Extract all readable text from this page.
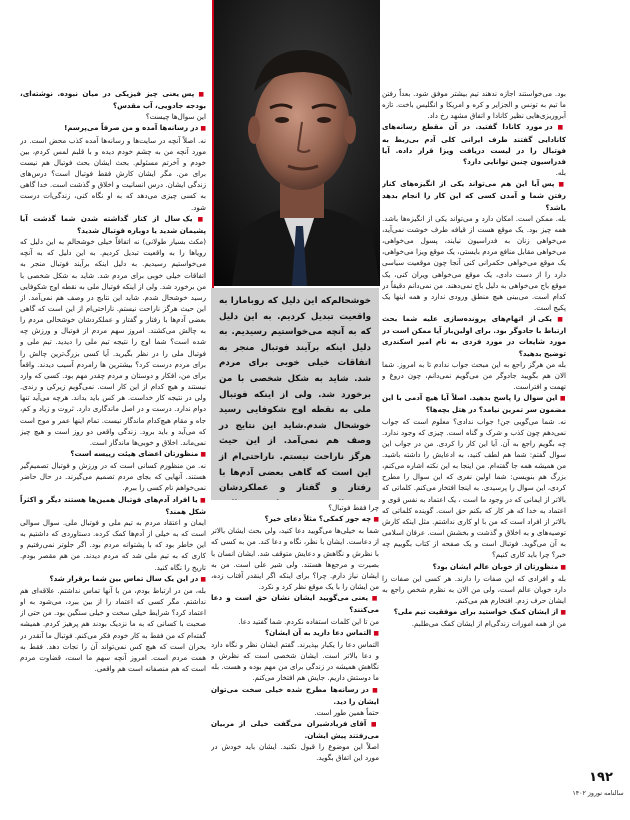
بود. می‌خواستند اجازه ندهند تیم بیشتر موفق شود. بعداً رفتن ما تیم به تونس و الجزایر و کره و امریکا و انگلیس باخت. تازه آبروریزی‌هایی نظیر کانادا و اتفاق مشهد رخ داد.

■ در مورد کانادا گفتید. در آن مقطع رسانه‌های کانادایی گفتند طرف ایرانی کلی آدم بی‌ربط به فوتبال را در لیست دریافت ویزا قرار داده. آیا فدراسیون چنین توانایی دارد؟

بله.

■ پس آیا این هم می‌تواند یکی از انگیزه‌های کنار رفتن شما و آمدن کسی که این کار را انجام بدهد باشد؟

بله. ممکن است. امکان دارد و می‌تواند یکی از انگیزه‌ها باشد. همه چیز بود. یک موقع هست از قیافه طرف خوشت نمی‌آید، می‌خواهی زنان به فدراسیون نیایند، پسول می‌خواهی، می‌خواهی مقابل منافع مردم بایستی، یک موقع ویزا می‌خواهی، یک موقع می‌خواهی حکمرانی کنی آنجا چون موقعیت سیاسی دارد را از دست دادی، یک موقع می‌خواهی ویران کنی، یک موقع باج می‌خواهی به دلیل باج نمی‌دهند. من نمی‌دانم دقیقاً در کدام است. می‌بینی هیچ منطق ورودی ندارد و همه اینها یک پکیج است.

■ یکی از اتهام‌های پرونده‌سازی علیه شما بحث ارتباط با جادوگر بود. برای اولین‌بار آیا ممکن است در مورد شایعات در مورد فردی به نام امیر اسکندری توضیح بدهید؟

بله من هرگز راجع به این مبحث جواب ندادم تا به امروز. شما الان هم بگویید جادوگر من می‌گویم نمی‌دانم، چون دروغ و تهمت و افتراست.

■ این سوال را پاسخ بدهید. اصلاً آیا هیچ آدمی با این مضمون سر تمرین نیامد؟ در هتل بچه‌ها؟

نه. شما می‌گویی جن! جواب ندادی؟ معلوم است که جواب نمی‌دهم چون کذب و شرک و گناه است. چیزی که وجود ندارد. چه بگویم راجع به آن. آیا این کار را کردی. من در جواب این سوال گفتم: شما هم لطف کنید، به ادعایش را داشته باشید. من همیشه همه جا گفته‌ام. من اینجا به این نکته اشاره می‌کنم، بزرگ هم بنویسی: شما اولین نفری که این سوال را مطرح کردی، این سوال را پرسیدی. به اینجا افتخار می‌کنم. کلماتی که بالاتر از ایمانی که در وجود ما است ، یک اعتماد به نفس قوی و اعتماد به خدا که هر کار که بکنم حق است. گوینده کلماتی که بالاتر از افراد است که من با او کاری نداشتم. مثل اینکه کارش توصیه‌های و به اخلاق و گذشت و بخشش است. عرفان اسلامی به آن می‌گوید. فوتبال است و یک صفحه از کتاب بگوییم چه خبر؟ چرا باید کاری کنیم؟

■ منظورتان از خوبان عالم ایشان بود؟

بله و افرادی که این صفات را دارند. هر کسی این صفات را دارد خوبان عالم است، ولی من الان به نظرم شخص راجع به ایشان حرف زدم. افتخارم هم می‌کنم.

■ از ایشان کمک خواستید برای موفقیت تیم ملی؟

من از همه امورات زندگی‌ام از ایشان کمک می‌طلبم.

خوشحالم‌که این دلیل که روبامارا به واقعیت تبدیل کردیم. به این دلیل که به آنچه می‌خواستیم رسیدیم. به دلیل اینکه برآیند فوتبال منجر به اتفاقات خیلی خوبی برای مردم شد. شاید به شکل شخصی با من برخورد شد. ولی از اینکه فوتبال ملی به نقطه اوج شکوفایی رسید خوشحال شدم.شاید این نتایج در وصف هم نمی‌آمد. از این حیث هرگز ناراحت نیستم. ناراحتی‌ام از این است که گاهی بعضی آدم‌ها با رفتار و گفتار و عملکردشان

چرا فقط فوتبال؟

■ چه جور کمکی؟ مثلاً دعای خیر؟

شما به خیلی‌ها می‌گویید دعا کنید، ولی بحث ایشان بالاتر از دعاست. ایشان با نظر، نگاه و دعا کند. من به کسی که با نظرش و نگاهش و دعایش متوقف شد. ایشان انسان با بصیرت و مرجع‌ها هستند. ولی شیر علی است. من به ایشان نیاز دارم. چرا؟ برای اینکه اگر اینقدر آفتاب زده، من ایشان را با یک موقع نظر کرد و نکرد.

■ یعنی می‌گویید ایشان نشان حق است و دعا می‌کنند؟

من تا این کلمات استفاده نکردم. شما گفتید دعا.

■ التماس دعا دارید به آن ایشان؟

التماس دعا را یکبار بپذیرند. گفتم ایشان نظر و نگاه دارد و دعا بالاتر است. ایشان شخصی است که نظرش و نگاهش همیشه در زندگی برای من مهم بوده و هست. بله ما دوستش داریم. جایش هم افتخار می‌کنم.

■ در رسانه‌ها مطرح شده خیلی سخت می‌توان ایشان را دید.

حتماً همین طور است.

■ آقای فریادشیران می‌گفت خیلی از مربیان می‌رفتند پیش ایشان.

اصلاً این موضوع را قبول نکنید. ایشان باید خودش در مورد این اتفاق بگوید.

■ پس یعنی چیز فیزیکی در میان نبوده. نوشته‌ای، بودجه جادویی، آب مقدس؟

این سوال‌ها چیست؟

■ در رسانه‌ها آمده و من صرفاً می‌پرسم!

نه. اصلاً آنچه در سایت‌ها و رسانه‌ها آمده کذب محض است. در مورد آنچه من به چشم خودم دیده و با قلبم لمس کردم، بین خودم و آخرتم مسئولم. بحث ایشان بحث فوتبال هم نیست برای من. مگر ایشان کارش فقط فوتبال است؟ درس‌های زندگی ایشان. درس انسانیت و اخلاق و گذشت است. خدا گاهی به کسی چیزی می‌دهد که به او نگاه کنی، زندگی‌ات درست شود.

■ یک سال از کنار گذاشته شدن شما گذشت آیا پشیمان شدید یا دوباره فوتبال شدید؟

(مکث بسیار طولانی) نه اتفاقاً خیلی خوشحالم به این دلیل که رویاها را به واقعیت تبدیل کردیم. به این دلیل که به آنچه می‌خواستیم رسیدیم. به دلیل اینکه برآیند فوتبال منجر به اتفاقات خیلی خوبی برای مردم شد. شاید به شکل شخصی با من برخورد شد. ولی از اینکه فوتبال ملی به نقطه اوج شکوفایی رسید خوشحال شدم. شاید این نتایج در وصف هم نمی‌آمد. از این حیث هرگز ناراحت نیستم. ناراحتی‌ام از این است که گاهی بعضی آدم‌ها با رفتار و گفتار و عملکردشان خوشحالی مردم را به چالش می‌کشند. امروز سهم مردم از فوتبال و ورزش چه شده است؟ شما اوج را نتیجه تیم ملی را دیدید. تیم ملی و فوتبال ملی را در نظر بگیرید. آیا کسی بزرگ‌ترین چالش را برای مردم درست کرد؟ بیشترین ها رامردم آسیب دیدند. واقعاً برای من، افکار و دوستان و مردم چقدر مهم بود. کسی که وارد نیستند و هیچ کدام از این کار است. نمی‌گویم زیرکی و رندی. ولی در نتیجه کار خداست. هر کس باید بداند. هرچه می‌آید تنها دوام ندارد. درست و در اصل ماندگاری دارد. ثروت و زیاد و کم، جاه و مقام هیچ‌کدام ماندگار نیست. تمام اینها عمر و موج است که می‌آید و باید برود. زندگی واقعی دو روز است و هیچ چیز نمی‌ماند. اخلاق و خوبی‌ها ماندگار است.

■ منظورتان اعضای هیئت رییسه است؟

نه. من منظورم کسانی است که در ورزش و فوتبال تصمیم‌گیر هستند. آنهایی که بجای مردم تصمیم می‌گیرند. در حال حاضر نمی‌خواهم نام کسی را ببرم.

■ یا افراد آدم‌های فوتبال همین‌ها هستند دیگر و اکثراً شکل همند؟

ایمان و اعتقاد مردم به تیم ملی و فوتبال ملی. سوال سوالی است که به خیلی از آدم‌ها کمک کرده. دستاوردی که داشتیم به این خاطر بود که با پشتوانه مردم بود. اگر جلوتر نمی‌رفتیم و کاری که به تیم ملی شد که مردم دیدند. من هم مقصر بودم. تاریخ را نگاه کنید.

■ در این یک سال تماس بین شما برقرار شد؟

بله، من در ارتباط بودم، من با آنها تماس نداشتم. علاقه‌ای هم نداشتم. مگر کسی که اعتماد را از بین ببرد، می‌شود به او اعتماد کرد؟ شرایط خیلی سخت و خیلی سنگین بود. من حتی از صحبت با کسانی که به ما نزدیک بودند هم پرهیز کردم. همیشه گفته‌ام که من فقط به کار خودم فکر می‌کنم. فوتبال ما آنقدر در بحران است که هیچ کس نمی‌تواند آن را نجات دهد. فقط به همت مردم است. امروز آنچه سهم ما است، قضاوت مردم است که هم منصفانه است هم واقعی.

۱۹۲
سالنامه نوروز ۱۴۰۲
